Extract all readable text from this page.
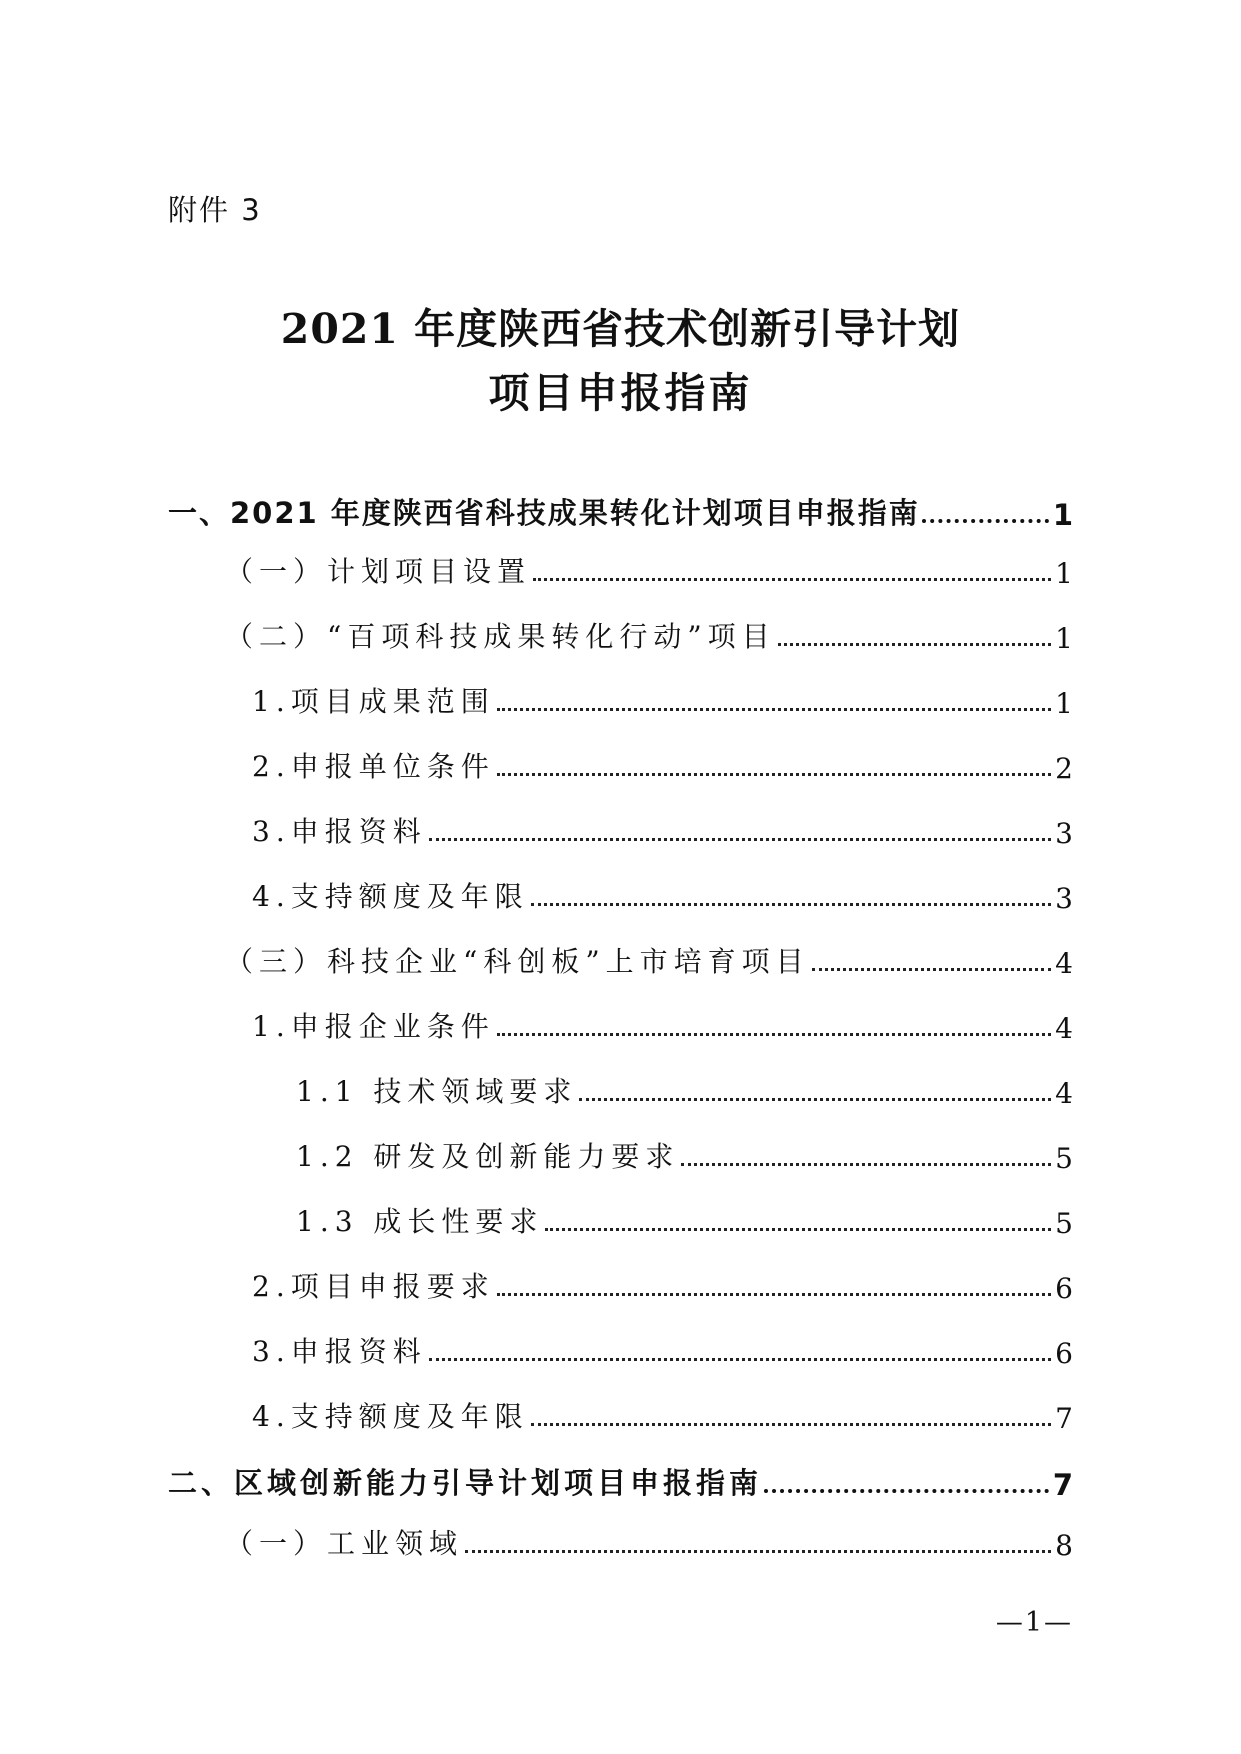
附件 3
2021 年度陕西省技术创新引导计划
项目申报指南
一、2021 年度陕西省科技成果转化计划项目申报指南	1
（一）计划项目设置	1
（二）“百项科技成果转化行动”项目	1
1.项目成果范围	1
2.申报单位条件	2
3.申报资料	3
4.支持额度及年限	3
（三）科技企业“科创板”上市培育项目	4
1.申报企业条件	4
1.1 技术领域要求	4
1.2 研发及创新能力要求	5
1.3 成长性要求	5
2.项目申报要求	6
3.申报资料	6
4.支持额度及年限	7
二、区域创新能力引导计划项目申报指南	7
（一）工业领域	8
—1—
